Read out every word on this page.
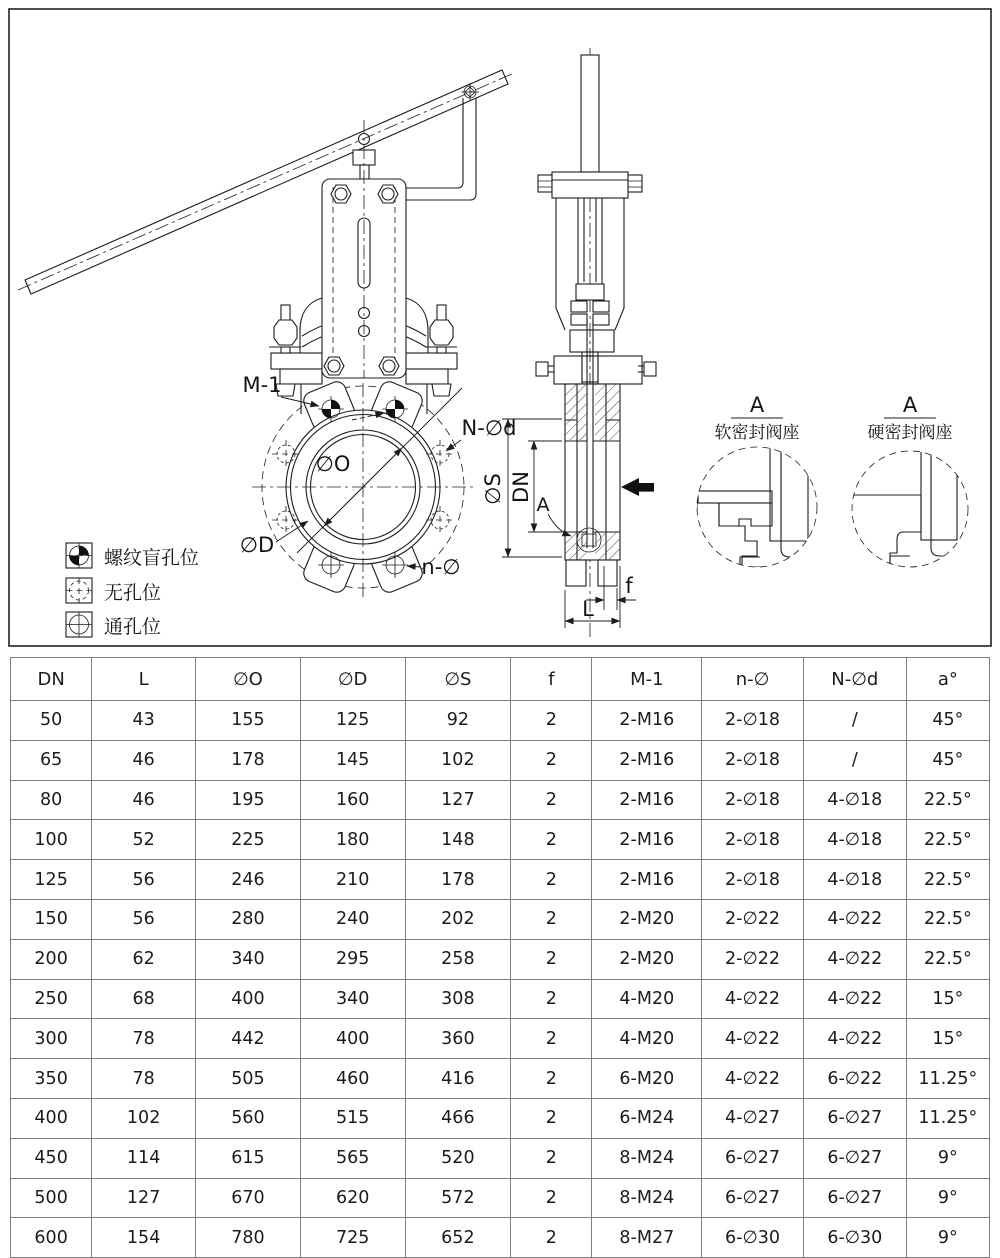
M-1
N-∅d
∅O
∅D
n-∅
∅S DN
A
f
L
A
软密封阀座
A
硬密封阀座
螺纹盲孔位
无孔位
通孔位
DN	L	∅O	∅D	∅S	f	M-1	n-∅	N-∅d	a°
50	43	155	125	92	2	2-M16	2-∅18	/	45°
65	46	178	145	102	2	2-M16	2-∅18	/	45°
80	46	195	160	127	2	2-M16	2-∅18	4-∅18	22.5°
100	52	225	180	148	2	2-M16	2-∅18	4-∅18	22.5°
125	56	246	210	178	2	2-M16	2-∅18	4-∅18	22.5°
150	56	280	240	202	2	2-M20	2-∅22	4-∅22	22.5°
200	62	340	295	258	2	2-M20	2-∅22	4-∅22	22.5°
250	68	400	340	308	2	4-M20	4-∅22	4-∅22	15°
300	78	442	400	360	2	4-M20	4-∅22	4-∅22	15°
350	78	505	460	416	2	6-M20	4-∅22	6-∅22	11.25°
400	102	560	515	466	2	6-M24	4-∅27	6-∅27	11.25°
450	114	615	565	520	2	8-M24	6-∅27	6-∅27	9°
500	127	670	620	572	2	8-M24	6-∅27	6-∅27	9°
600	154	780	725	652	2	8-M27	6-∅30	6-∅30	9°
